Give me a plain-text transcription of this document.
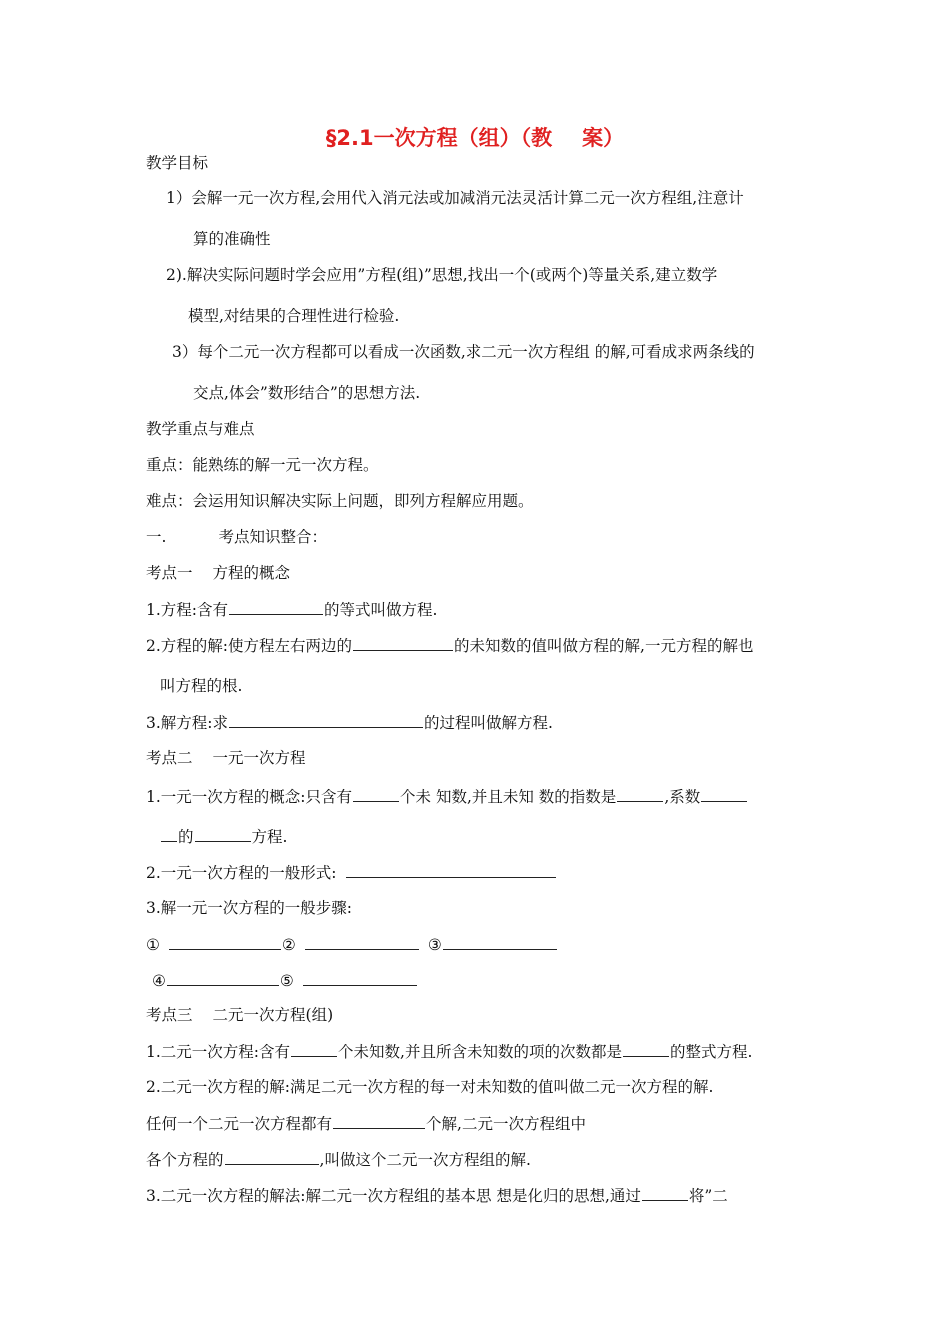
§2.1一次方程（组）（教 案）
教学目标
1）会解一元一次方程,会用代入消元法或加减消元法灵活计算二元一次方程组,注意计
算的准确性
2).解决实际问题时学会应用”方程(组)”思想,找出一个(或两个)等量关系,建立数学
模型,对结果的合理性进行检验.
3）每个二元一次方程都可以看成一次函数,求二元一次方程组 的解,可看成求两条线的
交点,体会”数形结合”的思想方法.
教学重点与难点
重点：能熟练的解一元一次方程。
难点：会运用知识解决实际上问题，即列方程解应用题。
一.	考点知识整合：
考点一 方程的概念
1.方程:含有	的等式叫做方程.
2.方程的解:使方程左右两边的	的未知数的值叫做方程的解,一元方程的解也
叫方程的根.
3.解方程:求	的过程叫做解方程.
考点二 一元一次方程
1.一元一次方程的概念:只含有	个未 知数,并且未知 数的指数是	,系数
的	方程.
2.一元一次方程的一般形式:
3.解一元一次方程的一般步骤:
①	②	③
④	⑤
考点三 二元一次方程(组)
1.二元一次方程:含有	个未知数,并且所含未知数的项的次数都是	的整式方程.
2.二元一次方程的解:满足二元一次方程的每一对未知数的值叫做二元一次方程的解.
任何一个二元一次方程都有	个解,二元一次方程组中
各个方程的	,叫做这个二元一次方程组的解.
3.二元一次方程的解法:解二元一次方程组的基本思 想是化归的思想,通过	将”二
